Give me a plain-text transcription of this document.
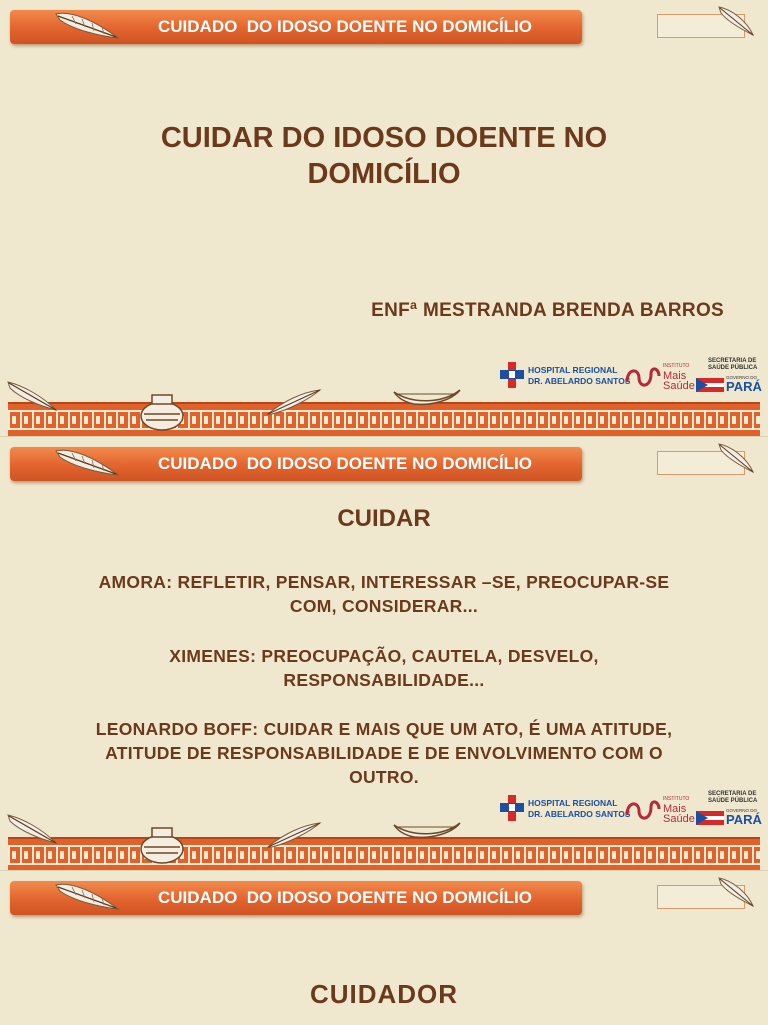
CUIDADO  DO IDOSO DOENTE NO DOMICÍLIO
CUIDAR DO IDOSO DOENTE NO
DOMICÍLIO
ENFª MESTRANDA BRENDA BARROS
HOSPITAL REGIONAL
DR. ABELARDO SANTOS
INSTITUTO
Mais
Saúde
SECRETARIA DE
SAÚDE PÚBLICA
GOVERNO DO
PARÁ
CUIDADO  DO IDOSO DOENTE NO DOMICÍLIO
CUIDAR
AMORA: REFLETIR, PENSAR, INTERESSAR –SE, PREOCUPAR-SE
COM, CONSIDERAR...
XIMENES: PREOCUPAÇÃO, CAUTELA, DESVELO,
RESPONSABILIDADE...
LEONARDO BOFF: CUIDAR E MAIS QUE UM ATO, É UMA ATITUDE,
ATITUDE DE RESPONSABILIDADE E DE ENVOLVIMENTO COM O
OUTRO.
HOSPITAL REGIONAL
DR. ABELARDO SANTOS
INSTITUTO
Mais
Saúde
SECRETARIA DE
SAÚDE PÚBLICA
GOVERNO DO
PARÁ
CUIDADO  DO IDOSO DOENTE NO DOMICÍLIO
CUIDADOR
